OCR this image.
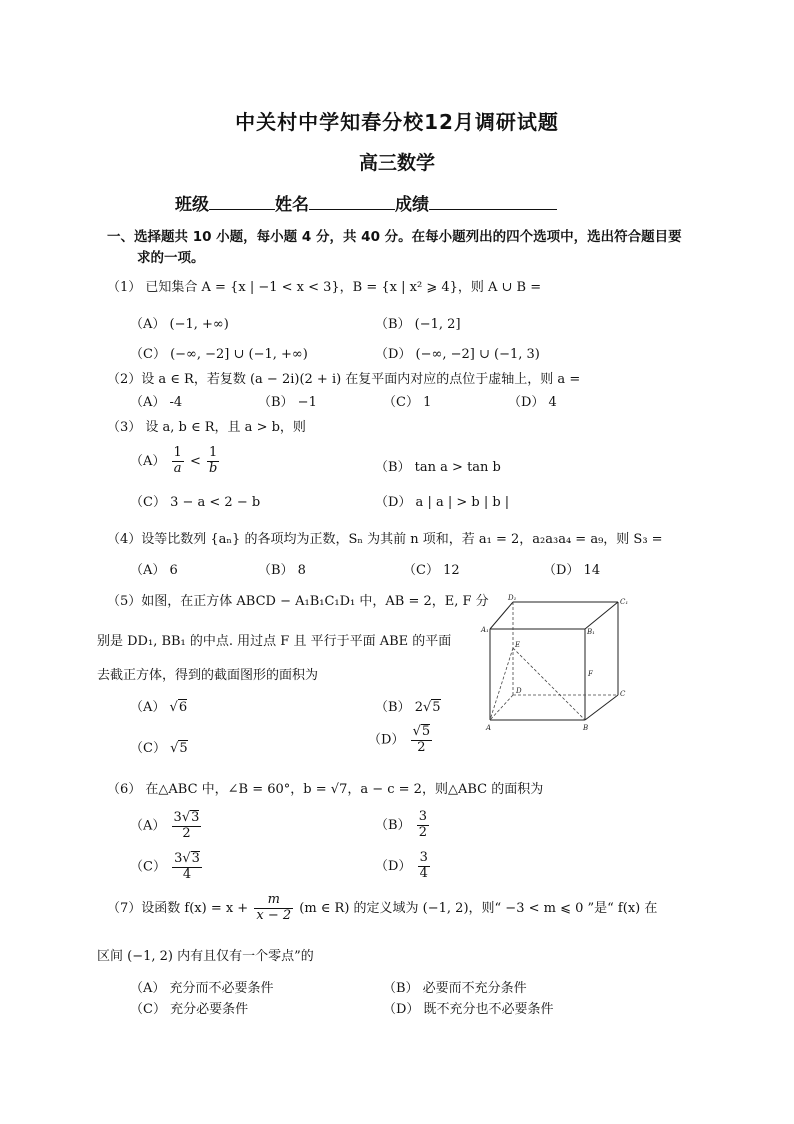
中关村中学知春分校12月调研试题
高三数学
班级	姓名	成绩
一、选择题共 10 小题，每小题 4 分，共 40 分。在每小题列出的四个选项中，选出符合题目要
求的一项。
（1） 已知集合 A = {x | −1 < x < 3}，B = {x | x² ⩾ 4}，则 A ∪ B =
（A） (−1, +∞)	（B） (−1, 2]
（C） (−∞, −2] ∪ (−1, +∞)	（D） (−∞, −2] ∪ (−1, 3)
（2）设 a ∈ R，若复数 (a − 2i)(2 + i) 在复平面内对应的点位于虚轴上，则 a =
（A） -4	（B） −1	（C） 1	（D） 4
（3） 设 a, b ∈ R，且 a > b，则
$(A) \frac{1}{a} < \frac{1}{b}$	（B） tan a > tan b
（C） 3 − a < 2 − b	（D） a | a | > b | b |
（4）设等比数列 {aₙ} 的各项均为正数，Sₙ 为其前 n 项和，若 a₁ = 2，a₂a₃a₄ = a₉，则 S₃ =
（A） 6	（B） 8	（C） 12	（D） 14
（5）如图，在正方体 ABCD − A₁B₁C₁D₁ 中，AB = 2，E, F 分
别是 DD₁, BB₁ 的中点. 用过点 F 且 平行于平面 ABE 的平面
去截正方体，得到的截面图形的面积为
（A） √6	（B） 2√5
（C） √5
$(D) \frac{√5}{2}$
D₁	C₁
A₁	B₁
E
F
D	C
A	B
（6） 在△ABC 中，∠B = 60°，b = √7，a − c = 2，则△ABC 的面积为
$(A) \frac{3√3}{2}$	$(B) \frac{3}{2}$
$(C) \frac{3√3}{4}$	$(D) \frac{3}{4}$
（7）设函数 $f(x) = x + \frac{m}{x - 2} (m$ ∈ R) 的定义域为 (−1, 2)，则“ −3 < m ⩽ 0 ”是“ f(x) 在
区间 (−1, 2) 内有且仅有一个零点”的
（A） 充分而不必要条件	（B） 必要而不充分条件
（C） 充分必要条件	（D） 既不充分也不必要条件
